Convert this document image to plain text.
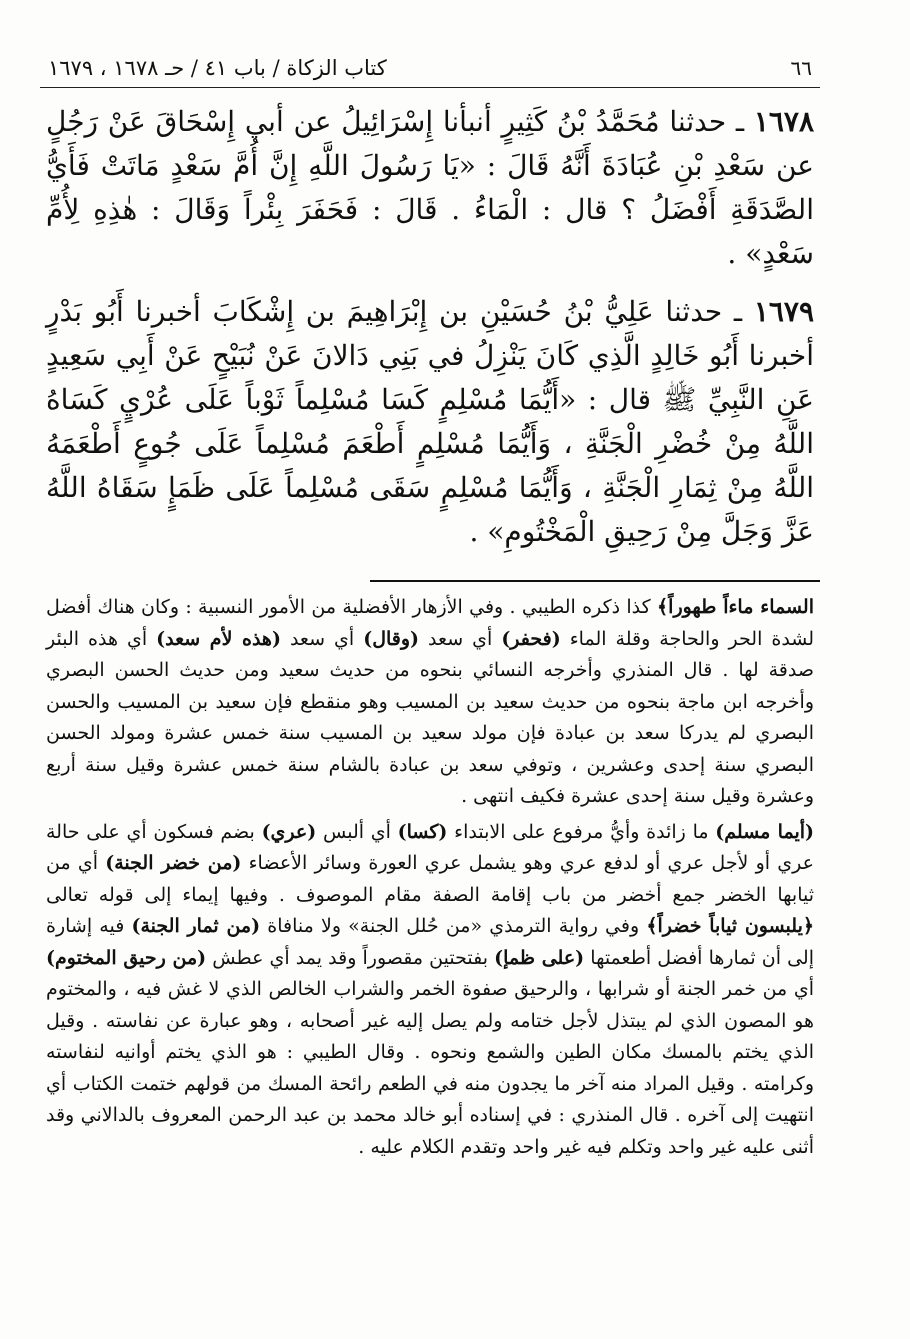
٦٦
كتاب الزكاة / باب ٤١ / حـ ١٦٧٨ ، ١٦٧٩
١٦٧٨ ـ حدثنا مُحَمَّدُ بْنُ كَثِيرٍ أنبأنا إِسْرَائِيلُ عن أبي إِسْحَاقَ عَنْ رَجُلٍ عن سَعْدِ بْنِ عُبَادَةَ أَنَّهُ قَالَ : «يَا رَسُولَ اللَّهِ إِنَّ أُمَّ سَعْدٍ مَاتَتْ فَأَيُّ الصَّدَقَةِ أَفْضَلُ ؟ قال : الْمَاءُ . قَالَ : فَحَفَرَ بِئْراً وَقَالَ : هٰذِهِ لِأُمِّ سَعْدٍ» .
١٦٧٩ ـ حدثنا عَلِيُّ بْنُ حُسَيْنِ بن إِبْرَاهِيمَ بن إِشْكَابَ أخبرنا أَبُو بَدْرٍ أخبرنا أَبُو خَالِدٍ الَّذِي كَانَ يَنْزِلُ في بَنِي دَالانَ عَنْ نُبَيْحٍ عَنْ أَبِي سَعِيدٍ عَنِ النَّبِيِّ ﷺ قال : «أَيُّمَا مُسْلِمٍ كَسَا مُسْلِماً ثَوْباً عَلَى عُرْيٍ كَسَاهُ اللَّهُ مِنْ خُضْرِ الْجَنَّةِ ، وَأَيُّمَا مُسْلِمٍ أَطْعَمَ مُسْلِماً عَلَى جُوعٍ أَطْعَمَهُ اللَّهُ مِنْ ثِمَارِ الْجَنَّةِ ، وَأَيُّمَا مُسْلِمٍ سَقَى مُسْلِماً عَلَى ظَمَإٍ سَقَاهُ اللَّهُ عَزَّ وَجَلَّ مِنْ رَحِيقِ الْمَخْتُومِ» .

السماء ماءاً طهوراً﴾ كذا ذكره الطيبي . وفي الأزهار الأفضلية من الأمور النسبية : وكان هناك أفضل لشدة الحر والحاجة وقلة الماء (فحفر) أي سعد (وقال) أي سعد (هذه لأم سعد) أي هذه البئر صدقة لها . قال المنذري وأخرجه النسائي بنحوه من حديث سعيد ومن حديث الحسن البصري وأخرجه ابن ماجة بنحوه من حديث سعيد بن المسيب وهو منقطع فإن سعيد بن المسيب والحسن البصري لم يدركا سعد بن عبادة فإن مولد سعيد بن المسيب سنة خمس عشرة ومولد الحسن البصري سنة إحدى وعشرين ، وتوفي سعد بن عبادة بالشام سنة خمس عشرة وقيل سنة أربع وعشرة وقيل سنة إحدى عشرة فكيف انتهى .

(أيما مسلم) ما زائدة وأيُّ مرفوع على الابتداء (كسا) أي ألبس (عري) بضم فسكون أي على حالة عري أو لأجل عري أو لدفع عري وهو يشمل عري العورة وسائر الأعضاء (من خضر الجنة) أي من ثيابها الخضر جمع أخضر من باب إقامة الصفة مقام الموصوف . وفيها إيماء إلى قوله تعالى ﴿يلبسون ثياباً خضراً﴾ وفي رواية الترمذي «من حُلل الجنة» ولا منافاة (من ثمار الجنة) فيه إشارة إلى أن ثمارها أفضل أطعمتها (على ظمإ) بفتحتين مقصوراً وقد يمد أي عطش (من رحيق المختوم) أي من خمر الجنة أو شرابها ، والرحيق صفوة الخمر والشراب الخالص الذي لا غش فيه ، والمختوم هو المصون الذي لم يبتذل لأجل ختامه ولم يصل إليه غير أصحابه ، وهو عبارة عن نفاسته . وقيل الذي يختم بالمسك مكان الطين والشمع ونحوه . وقال الطيبي : هو الذي يختم أوانيه لنفاسته وكرامته . وقيل المراد منه آخر ما يجدون منه في الطعم رائحة المسك من قولهم ختمت الكتاب أي انتهيت إلى آخره . قال المنذري : في إسناده أبو خالد محمد بن عبد الرحمن المعروف بالدالاني وقد أثنى عليه غير واحد وتكلم فيه غير واحد وتقدم الكلام عليه .
